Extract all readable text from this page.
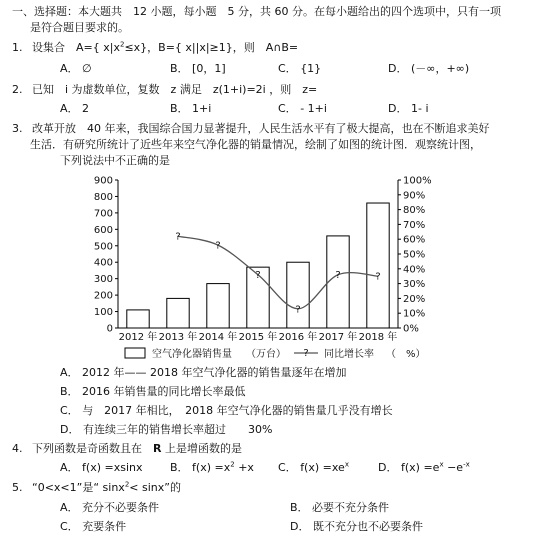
一、选择题：本大题共　12 小题，每小题　5 分，共 60 分。在每小题给出的四个选项中，只有一项
是符合题目要求的。
1. 设集合　A={ $x|x^2\le x$}，B={ x||x|≥1}，则　A∩B=
A． ∅	B． [0，1]	C． {1}	D． (－∞，+∞)
2. 已知　i 为虚数单位，复数　z 满足　z(1+i)=2i ，则　z=
A． 2	B． 1+i	C． - 1+i	D． 1- i
3. 改革开放　40 年来，我国综合国力显著提升，人民生活水平有了极大提高，也在不断追求美好
生活．有研究所统计了近些年来空气净化器的销量情况，绘制了如图的统计图．观察统计图，
下列说法中不正确的是
0
100
200
300
400
500
600
700
800
900
0%
10%
20%
30%
40%
50%
60%
70%
80%
90%
100%
2012 年 2013 年 2014 年 2015 年 2016 年 2017 年 2018 年
?
?
?
?
?	?
空气净化器销售量 （万台） ? 同比增长率 （　%）
A． 2012 年—— 2018 年空气净化器的销售量逐年在增加
B． 2016 年销售量的同比增长率最低
C． 与　2017 年相比，　2018 年空气净化器的销售量几乎没有增长
D． 有连续三年的销售增长率超过　　30%
4. 下列函数是奇函数且在　R 上是增函数的是
A． f(x) =xsinx	B． $f(x) =x^2 +x$ C． $f(x) =xe^x$	D． $f(x) =e^x -e^{-x}$
5. “0<x<1”是“ sinx$^2$< sinx”的
A． 充分不必要条件	B． 必要不充分条件
C． 充要条件	D． 既不充分也不必要条件
